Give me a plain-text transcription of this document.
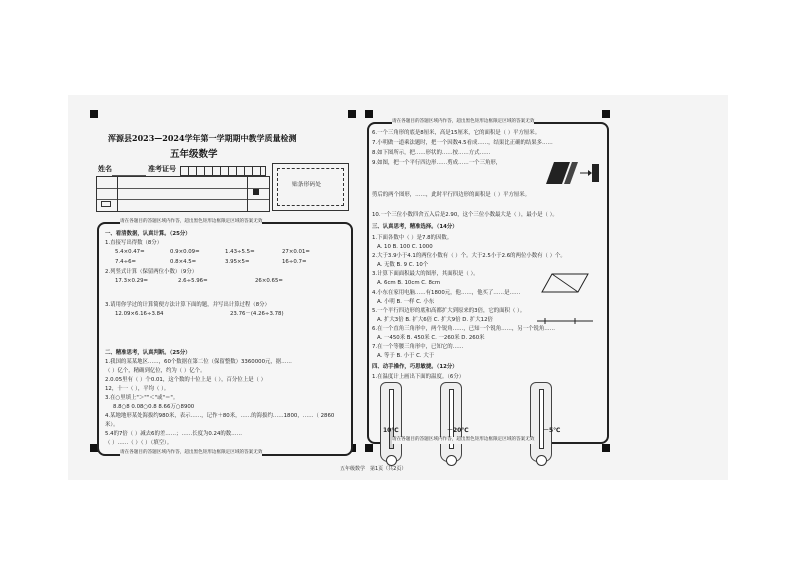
浑源县2023—2024学年第一学期期中教学质量检测
五年级数学
姓名	准考证号
贴条形码处
请在各题目的答题区域内作答，超出黑色矩形边框限定区域的答案无效
一、看清数据，认真计算。（25分）
1.直接写出得数（8分）
5.4×0.47=	0.9×0.09=	1.43÷5.5=	27×0.01=
7.4÷6=	0.8×4.5=	3.95×5=	16÷0.7=
2.列竖式计算（保留两位小数）（9分）
17.3×0.29=	2.6÷5.96=	26×0.65=
3.请用你学过的计算简便方法计算下面的题，并写出计算过程（8分）
12.09×6.16÷3.84	23.76－(4.26÷3.78)
二、精准思考，认真判断。（25分）
1.我国的某某地区……，60个数据在第二位（保留整数）3360000元，据……
（ ）亿个，精确到亿位，约为（ ）亿个。
2.0.05里有（ ）个0.01，这个数的十位上是（ ），百分位上是（ ）
12，十一（ ），平均（ ）。
3.在○里填上"＞""＜"或"＝"。
8.8○8 0.08○0.8 8.66万○8900
4.某地地形某处海拔约980米，表示……，记作＋80米，……的海拔约……1800，……（ 2860
米）。
5.4的7倍（ ）减去6的差……；……长度为0.24的数……
（ ）……（ ）（ ）（填空）。
请在各题目的答题区域内作答，超出黑色矩形边框限定区域的答案无效
请在各题目的答题区域内作答，超出黑色矩形边框限定区域的答案无效
6.一个三角形的底是8厘米，高是15厘米，它的面积是（ ）平方厘米。
7.小明做一道乘法题时，把一个因数4.5看成……，结果比正确的结果多……
8.如下图所示，把……形状的……按……方式……
9.如图，把一个平行四边形……剪成……一个三角形，
剪后的两个图形，……，此时平行四边形的面积是（ ）平方厘米。
10.一个三位小数四舍五入后是2.90，这个三位小数最大是（ ），最小是（ ）。
三、认真思考，精准选择。（14分）
1.下面各数中（ ）是7.8的因数。
A. 10 B. 100 C. 1000
2.大于3.9小于4.1的两位小数有（ ）个。大于2.5小于2.6的两位小数有（ ）个。
A. 无数 B. 9 C. 10个
3.计算下面面积最大的图形，其面积是（ ）。
A. 6cm B. 10cm C. 8cm
4.小东在家用电脑……有1800元，他……，他买了……是……
A. 小明 B. 一样 C. 小东
5.一个平行四边形的底和高都扩大到原来的3倍，它的面积（ ）。
A. 扩大3倍 B. 扩大6倍 C. 扩大9倍 D. 扩大12倍
6.在一个直角三角形中，两个锐角……，已知一个锐角……，另一个锐角……
A. 一450米 B. 450米 C. 一260米 D. 260米
7.在一个等腰三角形中，已知它的……
A. 等于 B. 小于 C. 大于
四、动手操作，巧思敏捷。（12分）
1.在温度计上画出下面的温度。（6分）
10℃	－20℃	－5℃
请在各题目的答题区域内作答，超出黑色矩形边框限定区域的答案无效
五年级数学　第1页（共2页）
